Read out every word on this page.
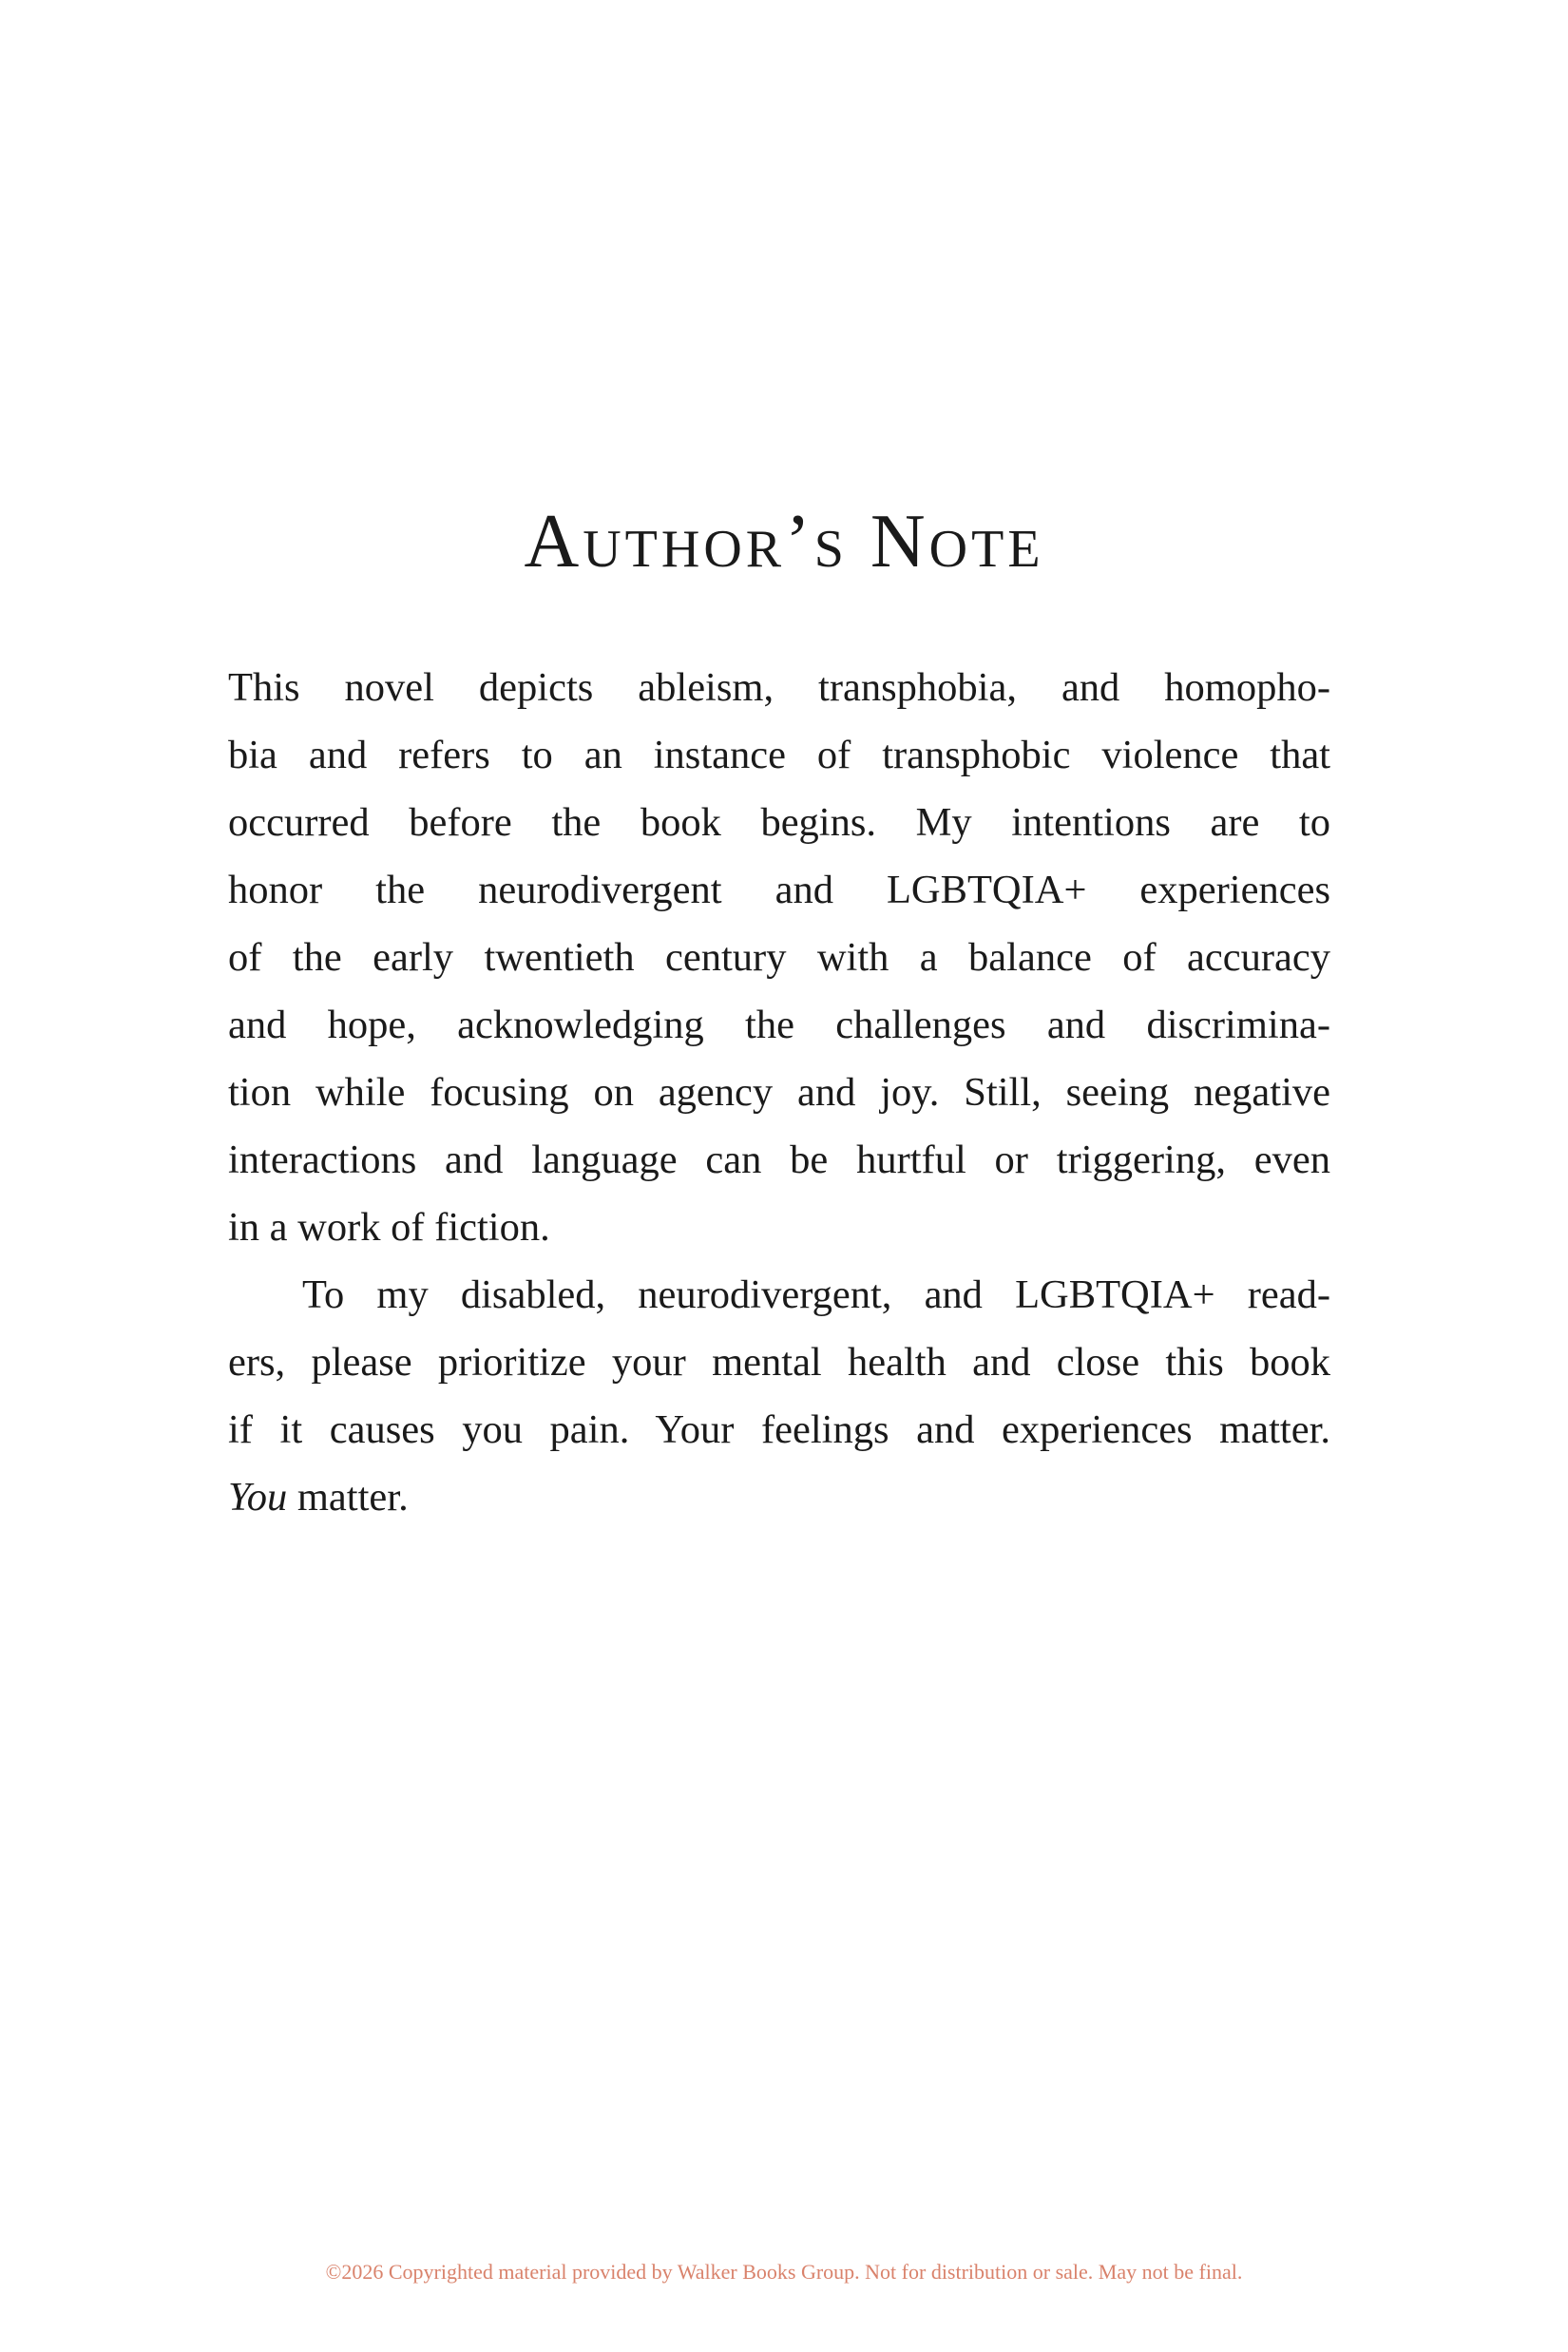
Author’s Note

This novel depicts ableism, transphobia, and homopho-
bia and refers to an instance of transphobic violence that
occurred before the book begins. My intentions are to
honor the neurodivergent and LGBTQIA+ experiences
of the early twentieth century with a balance of accuracy
and hope, acknowledging the challenges and discrimina-
tion while focusing on agency and joy. Still, seeing negative
interactions and language can be hurtful or triggering, even
in a work of fiction.

To my disabled, neurodivergent, and LGBTQIA+ read-
ers, please prioritize your mental health and close this book
if it causes you pain. Your feelings and experiences matter.
You matter.

©2026 Copyrighted material provided by Walker Books Group. Not for distribution or sale. May not be final.
